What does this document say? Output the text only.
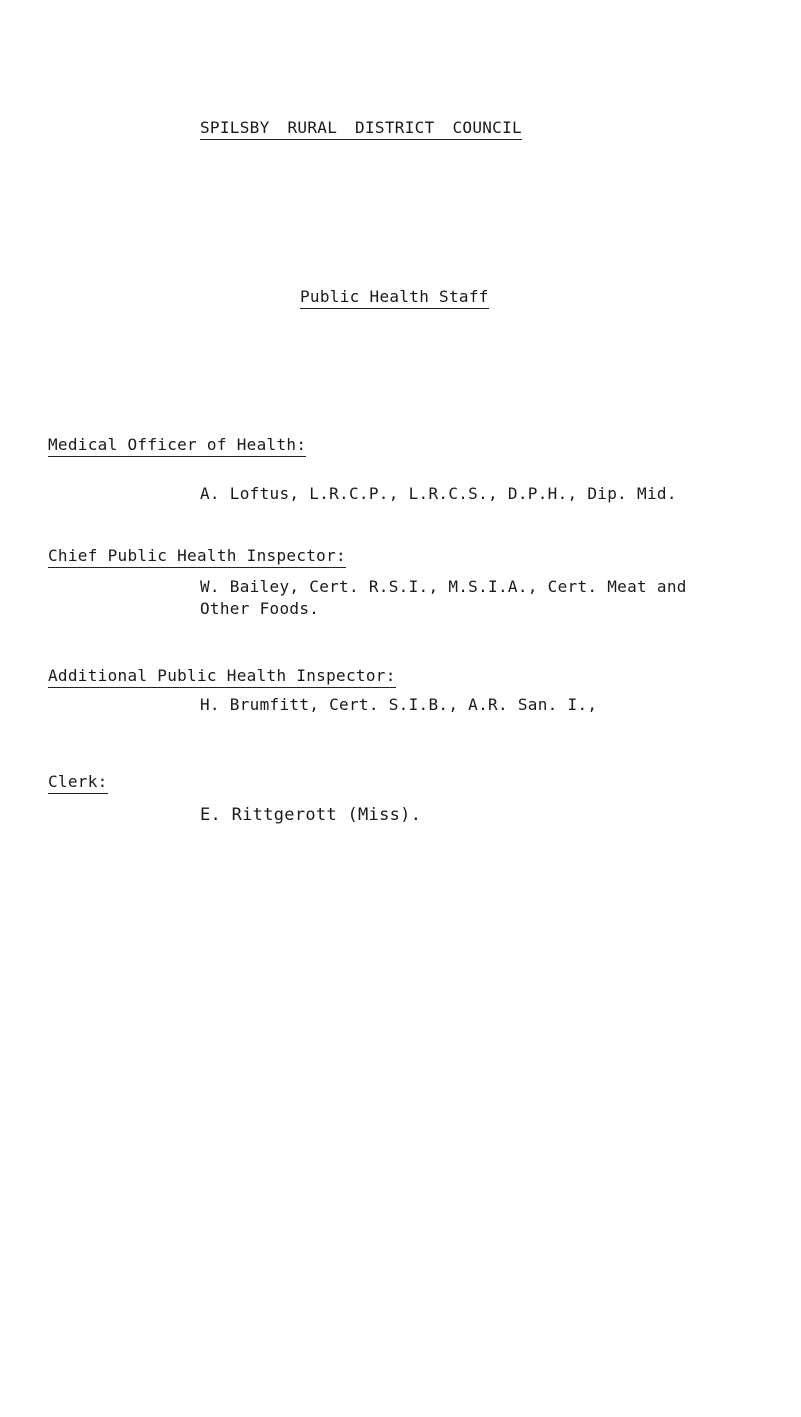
SPILSBY RURAL DISTRICT COUNCIL
Public Health Staff
Medical Officer of Health:
A. Loftus, L.R.C.P., L.R.C.S., D.P.H., Dip. Mid.
Chief Public Health Inspector:
W. Bailey, Cert. R.S.I., M.S.I.A., Cert. Meat and
Other Foods.
Additional Public Health Inspector:
H. Brumfitt, Cert. S.I.B., A.R. San. I.,
Clerk:
E. Rittgerott (Miss).
